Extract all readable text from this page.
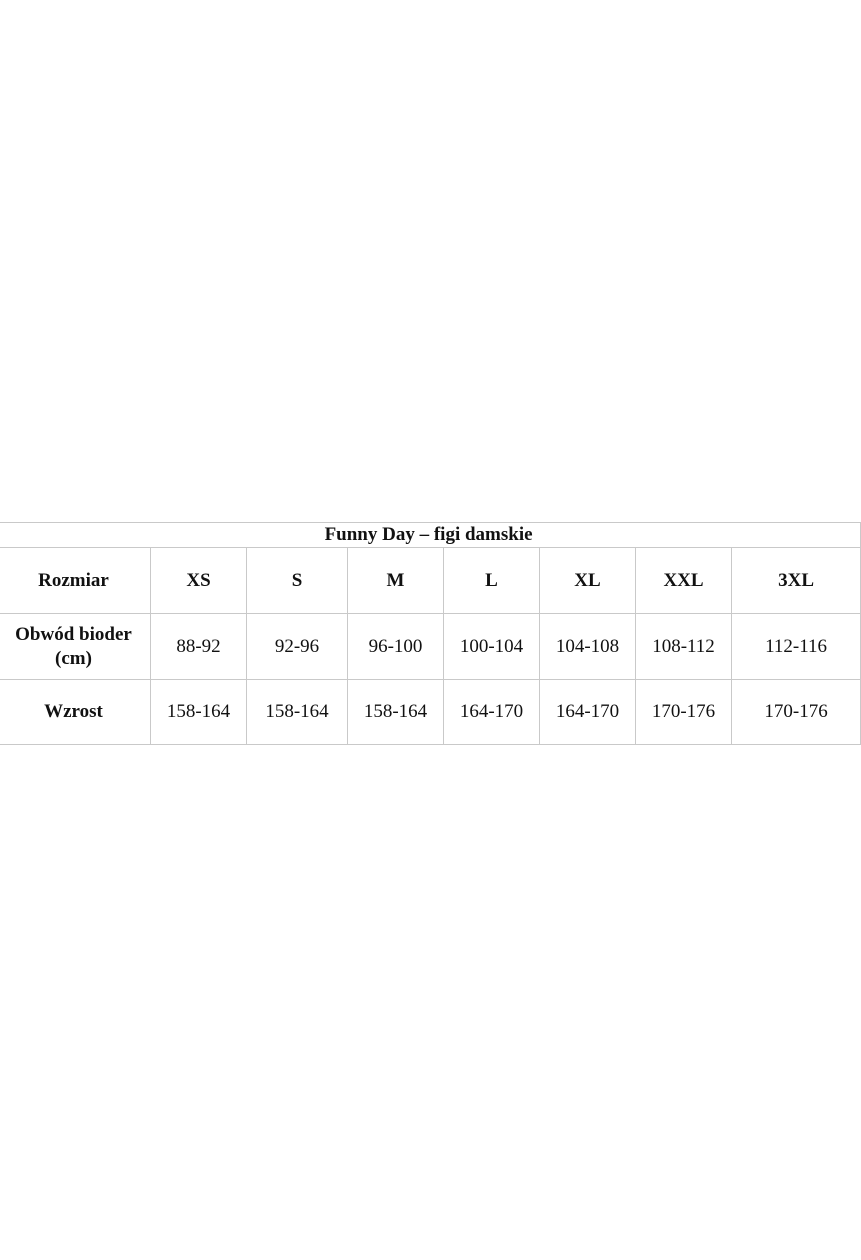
Funny Day – figi damskie							
Rozmiar	XS	S	M	L	XL	XXL	3XL

Obwód bioder
(cm)	88-92	92-96	96-100	100-104	104-108	108-112	112-116
Wzrost	158-164	158-164	158-164	164-170	164-170	170-176	170-176
